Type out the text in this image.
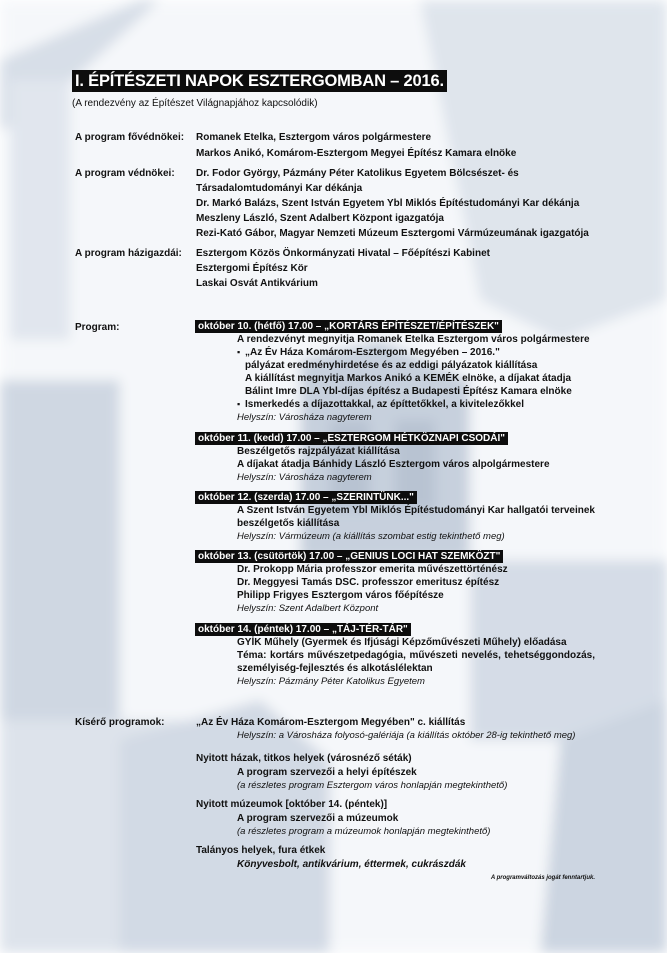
I. ÉPÍTÉSZETI NAPOK ESZTERGOMBAN – 2016.
(A rendezvény az Építészet Világnapjához kapcsolódik)
A program fővédnökei: Romanek Etelka, Esztergom város polgármestere
Markos Anikó, Komárom-Esztergom Megyei Építész Kamara elnöke
A program védnökei: Dr. Fodor György, Pázmány Péter Katolikus Egyetem Bölcsészet- és
Társadalomtudományi Kar dékánja
Dr. Markó Balázs, Szent István Egyetem Ybl Miklós Építéstudományi Kar dékánja
Meszleny László, Szent Adalbert Központ igazgatója
Rezi-Kató Gábor, Magyar Nemzeti Múzeum Esztergomi Vármúzeumának igazgatója
A program házigazdái: Esztergom Közös Önkormányzati Hivatal – Főépítészi Kabinet
Esztergomi Építész Kör
Laskai Osvát Antikvárium
Program:	október 10. (hétfő) 17.00 – „KORTÁRS ÉPÍTÉSZET/ÉPÍTÉSZEK"
A rendezvényt megnyitja Romanek Etelka Esztergom város polgármestere
▪ „Az Év Háza Komárom-Esztergom Megyében – 2016."
pályázat eredményhirdetése és az eddigi pályázatok kiállítása
A kiállítást megnyitja Markos Anikó a KEMÉK elnöke, a díjakat átadja
Bálint Imre DLA Ybl-díjas építész a Budapesti Építész Kamara elnöke
▪ Ismerkedés a díjazottakkal, az építtetőkkel, a kivitelezőkkel
Helyszín: Városháza nagyterem
október 11. (kedd) 17.00 – „ESZTERGOM HÉTKÖZNAPI CSODÁI"
Beszélgetős rajzpályázat kiállítása
A díjakat átadja Bánhidy László Esztergom város alpolgármestere
Helyszín: Városháza nagyterem
október 12. (szerda) 17.00 – „SZERINTÜNK..."
A Szent István Egyetem Ybl Miklós Építéstudományi Kar hallgatói terveinek
beszélgetős kiállítása
Helyszín: Vármúzeum (a kiállítás szombat estig tekinthető meg)
október 13. (csütörtök) 17.00 – „GENIUS LOCI HAT SZEMKÖZT"
Dr. Prokopp Mária professzor emerita művészettörténész
Dr. Meggyesi Tamás DSC. professzor emeritusz építész
Philipp Frigyes Esztergom város főépítésze
Helyszín: Szent Adalbert Központ
október 14. (péntek) 17.00 – „TÁJ-TÉR-TÁR"
GYİK Műhely (Gyermek és Ifjúsági Képzőművészeti Műhely) előadása
Téma: kortárs művészetpedagógia, művészeti nevelés, tehetséggondozás,
személyiség-fejlesztés és alkotáslélektan
Helyszín: Pázmány Péter Katolikus Egyetem
Kísérő programok:	„Az Év Háza Komárom-Esztergom Megyében" c. kiállítás
Helyszín: a Városháza folyosó-galériája (a kiállítás október 28-ig tekinthető meg)
Nyitott házak, titkos helyek (városnéző séták)
A program szervezői a helyi építészek
(a részletes program Esztergom város honlapján megtekinthető)
Nyitott múzeumok [október 14. (péntek)]
A program szervezői a múzeumok
(a részletes program a múzeumok honlapján megtekinthető)
Talányos helyek, fura étkek
Könyvesbolt, antikvárium, éttermek, cukrászdák
A programváltozás jogát fenntartjuk.
